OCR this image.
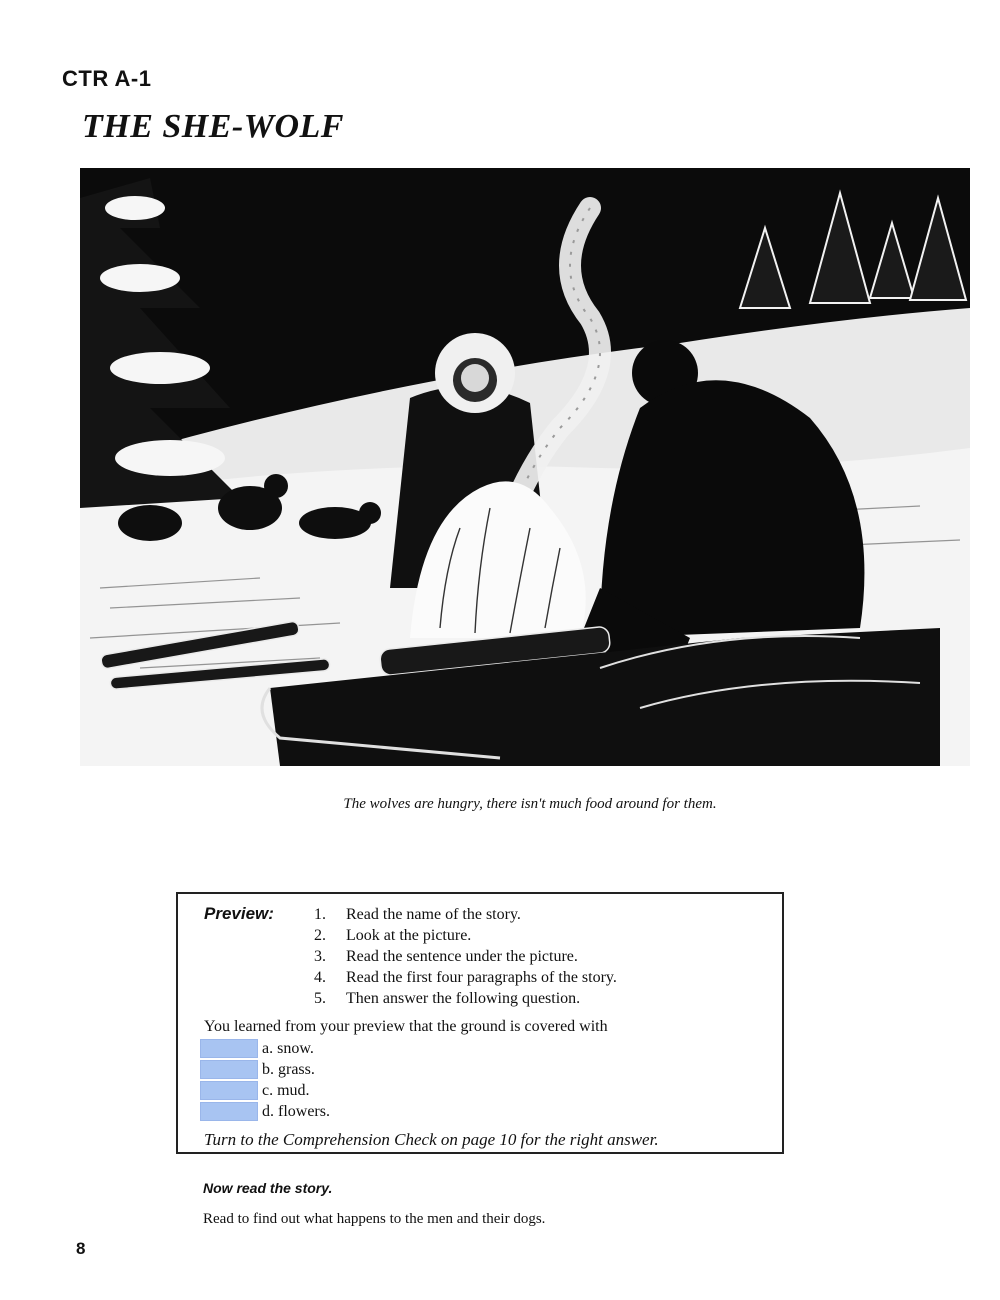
CTR A-1
THE SHE-WOLF
The wolves are hungry, there isn't much food around for them.
Preview:	1. Read the name of the story.
2. Look at the picture.
3. Read the sentence under the picture.
4. Read the first four paragraphs of the story.
5. Then answer the following question.
You learned from your preview that the ground is covered with
a.
snow.
b.
grass.
c.
mud.
d.
flowers.
Turn to the Comprehension Check on page 10 for the right answer.
Now read the story.
Read to find out what happens to the men and their dogs.
8
